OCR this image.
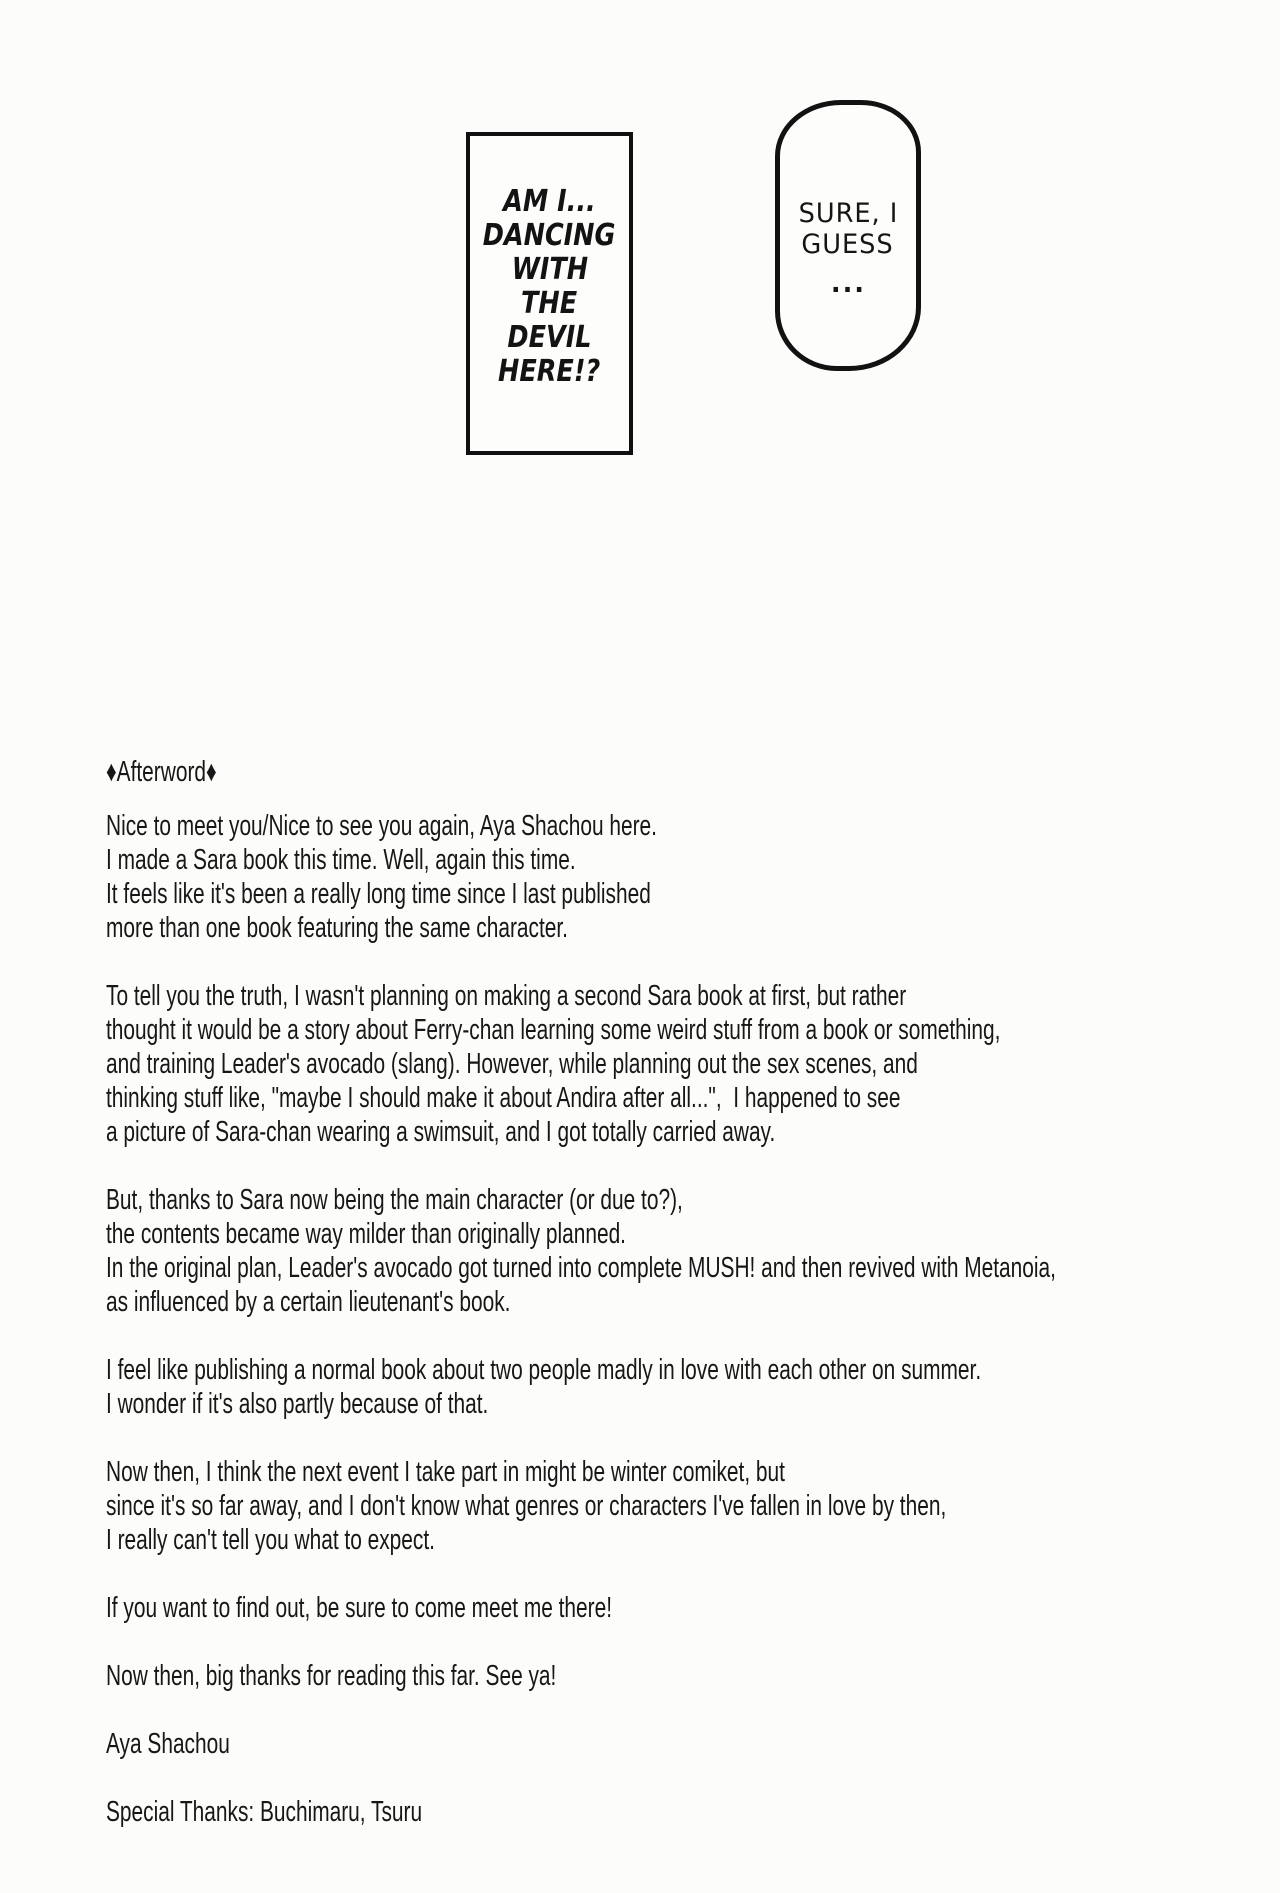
AM I...
DANCING
WITH
THE
DEVIL
HERE!?
SURE, I
GUESS
...
♦Afterword♦
Nice to meet you/Nice to see you again, Aya Shachou here.
I made a Sara book this time. Well, again this time.
It feels like it's been a really long time since I last published
more than one book featuring the same character.
To tell you the truth, I wasn't planning on making a second Sara book at first, but rather
thought it would be a story about Ferry-chan learning some weird stuff from a book or something,
and training Leader's avocado (slang). However, while planning out the sex scenes, and
thinking stuff like, "maybe I should make it about Andira after all...",  I happened to see
a picture of Sara-chan wearing a swimsuit, and I got totally carried away.
But, thanks to Sara now being the main character (or due to?),
the contents became way milder than originally planned.
In the original plan, Leader's avocado got turned into complete MUSH! and then revived with Metanoia,
as influenced by a certain lieutenant's book.
I feel like publishing a normal book about two people madly in love with each other on summer.
I wonder if it's also partly because of that.
Now then, I think the next event I take part in might be winter comiket, but
since it's so far away, and I don't know what genres or characters I've fallen in love by then,
I really can't tell you what to expect.
If you want to find out, be sure to come meet me there!
Now then, big thanks for reading this far. See ya!
Aya Shachou
Special Thanks: Buchimaru, Tsuru
